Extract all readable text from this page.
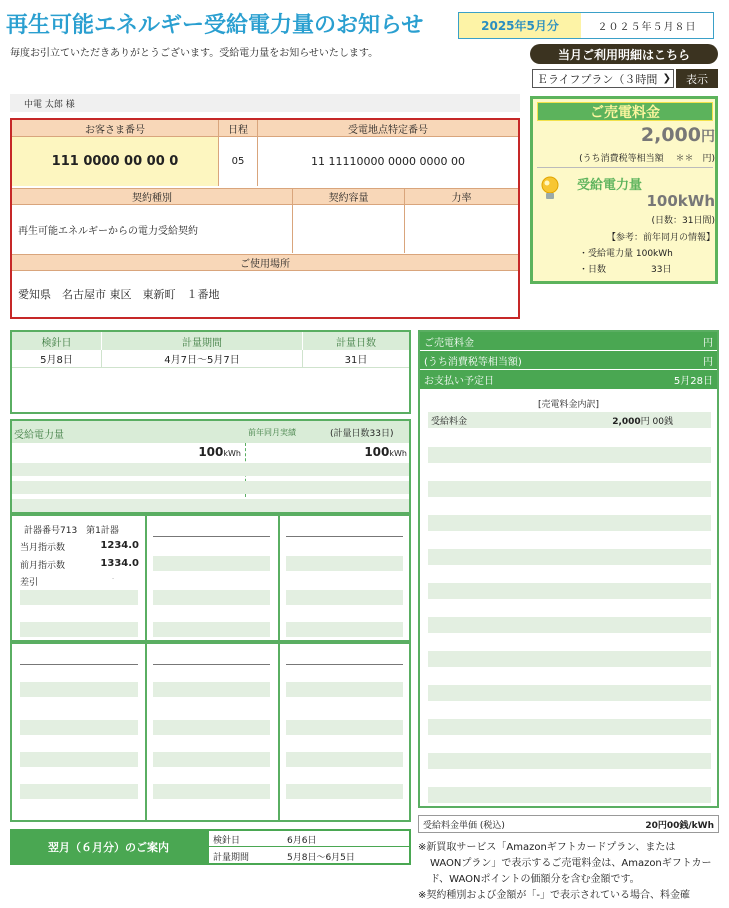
再生可能エネルギー受給電力量のお知らせ	2025年5月分	２０２５年５月８日
毎度お引立ていただきありがとうございます。受給電力量をお知らせいたします。	当月ご利用明細はこちら
Ｅライフプラン（３時間 ❯	表示
中電 太郎 様
お客さま番号	日程	受電地点特定番号
111 0000 00 00 0	05	11 11110000 0000 0000 00
契約種別	契約容量	力率
再生可能エネルギーからの電力受給契約
ご使用場所
愛知県　名古屋市 東区　東新町　１番地
ご売電料金
2,000円
(うち消費税等相当額　 ＊＊　円)
受給電力量
100kWh
(日数：31日間)
【参考：前年同月の情報】
・受給電力量 100kWh
・日数	33日
検針日	計量期間	計量日数
5月8日	4月7日～5月7日	31日
受給電力量	前年同月実績	(計量日数33日)
100kWh	100kWh
計器番号713　第1計器
当月指示数	1234.0
前月指示数	1334.0
差引	-
ご売電料金	円
(うち消費税等相当額)	円
お支払い予定日	5月28日
[売電料金内訳]
受給料金	2,000円 00銭
受給料金単価 (税込)	20円00銭/kWh
翌月（６月分）のご案内	検針日	6月6日
計量期間	5月8日～6月5日
※新買取サービス「Amazonギフトカードプラン、または
WAONプラン」で表示するご売電料金は、Amazonギフトカー
ド、WAONポイントの価額分を含む金額です。
※契約種別および金額が「-」で表示されている場合、料金確
